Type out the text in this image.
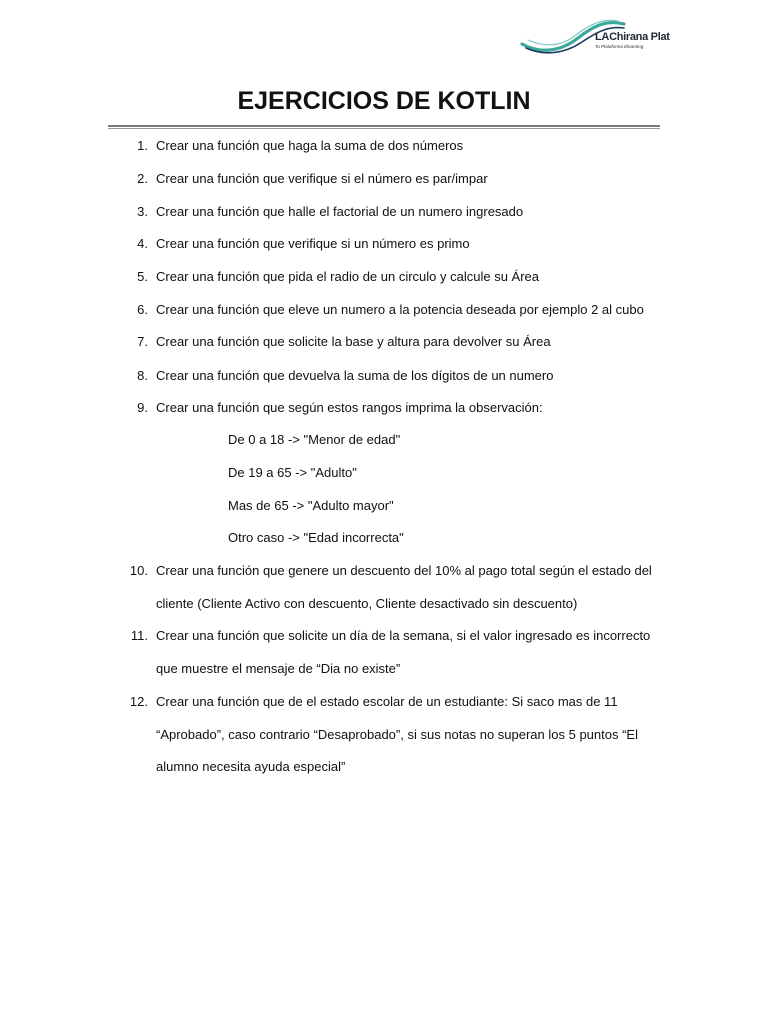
LAChirana Plat
Tu Plataforma Elearning
EJERCICIOS DE KOTLIN
1. Crear una función que haga la suma de dos números
2. Crear una función que verifique si el número es par/impar
3. Crear una función que halle el factorial de un numero ingresado
4. Crear una función que verifique si un número es primo
5. Crear una función que pida el radio de un circulo y calcule su Área
6. Crear una función que eleve un numero a la potencia deseada por ejemplo 2 al cubo
7. Crear una función que solicite la base y altura para devolver su Área
8. Crear una función que devuelva la suma de los dígitos de un numero
9. Crear una función que según estos rangos imprima la observación:
De 0 a 18 -> "Menor de edad"
De 19 a 65 -> "Adulto"
Mas de 65 -> "Adulto mayor"
Otro caso -> "Edad incorrecta"
10. Crear una función que genere un descuento del 10% al pago total según el estado del
cliente (Cliente Activo con descuento, Cliente desactivado sin descuento)
11. Crear una función que solicite un día de la semana, si el valor ingresado es incorrecto
que muestre el mensaje de “Dia no existe”
12. Crear una función que de el estado escolar de un estudiante: Si saco mas de 11
“Aprobado”, caso contrario “Desaprobado”, si sus notas no superan los 5 puntos “El
alumno necesita ayuda especial”
